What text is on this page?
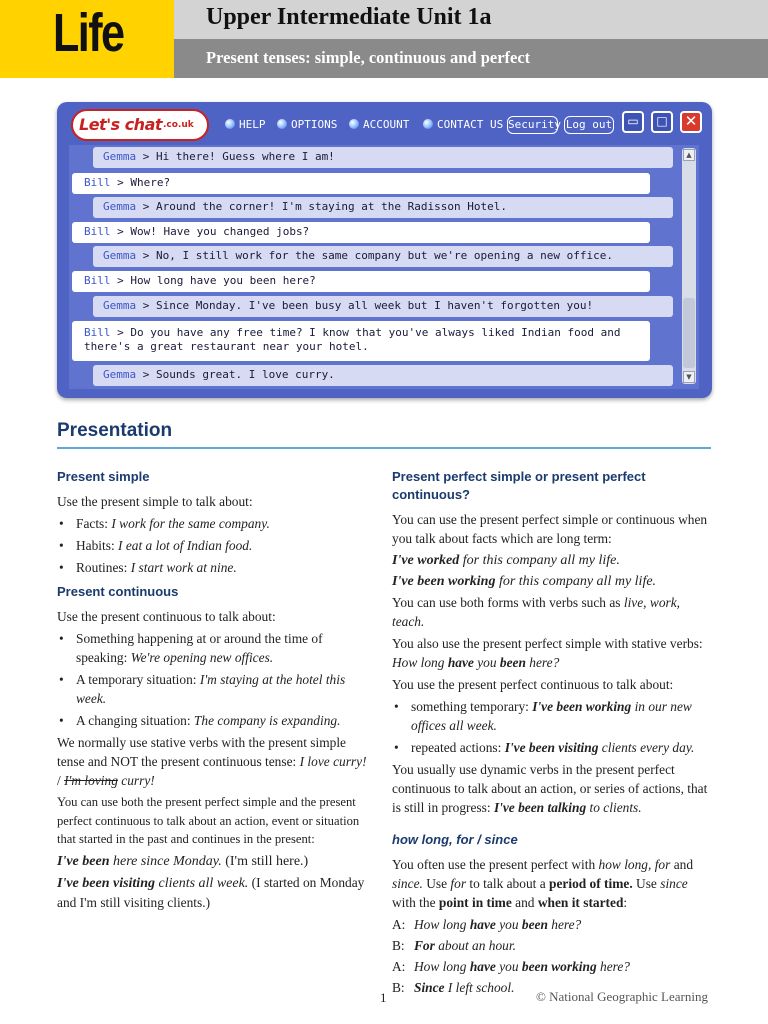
Life	Upper Intermediate Unit 1a
Present tenses: simple, continuous and perfect
Let's chat .co.uk	HELP	OPTIONS	ACCOUNT	CONTACT US Security Log out	▭	□	✕
Gemma > Hi there! Guess where I am!
Bill > Where?
Gemma > Around the corner! I'm staying at the Radisson Hotel.
Bill > Wow! Have you changed jobs?
Gemma > No, I still work for the same company but we're opening a new office.
Bill > How long have you been here?
Gemma > Since Monday. I've been busy all week but I haven't forgotten you!
Bill > Do you have any free time? I know that you've always liked Indian food and there's a great restaurant near your hotel.
Gemma > Sounds great. I love curry.
▲
▼
Presentation
Present simple

Use the present simple to talk about:

• Facts: I work for the same company.
• Habits: I eat a lot of Indian food.
• Routines: I start work at nine.
Present continuous

Use the present continuous to talk about:

• Something happening at or around the time of speaking: We're opening new offices.
• A temporary situation: I'm staying at the hotel this week.
• A changing situation: The company is expanding.

We normally use stative verbs with the present simple tense and NOT the present continuous tense: I love curry! / I'm loving curry!

You can use both the present perfect simple and the present perfect continuous to talk about an action, event or situation that started in the past and continues in the present:

I've been here since Monday. (I'm still here.)

I've been visiting clients all week. (I started on Monday and I'm still visiting clients.)

Present perfect simple or present perfect continuous?

You can use the present perfect simple or continuous when you talk about facts which are long term:

I've worked for this company all my life.

I've been working for this company all my life.

You can use both forms with verbs such as live, work, teach.

You also use the present perfect simple with stative verbs: How long have you been here?

You use the present perfect continuous to talk about:

• something temporary: I've been working in our new offices all week.
• repeated actions: I've been visiting clients every day.

You usually use dynamic verbs in the present perfect continuous to talk about an action, or series of actions, that is still in progress: I've been talking to clients.

how long, for / since

You often use the present perfect with how long, for and since. Use for to talk about a period of time. Use since with the point in time and when it started:

A: How long have you been here?
B: For about an hour.
A: How long have you been working here?
B: Since I left school.
1	© National Geographic Learning
